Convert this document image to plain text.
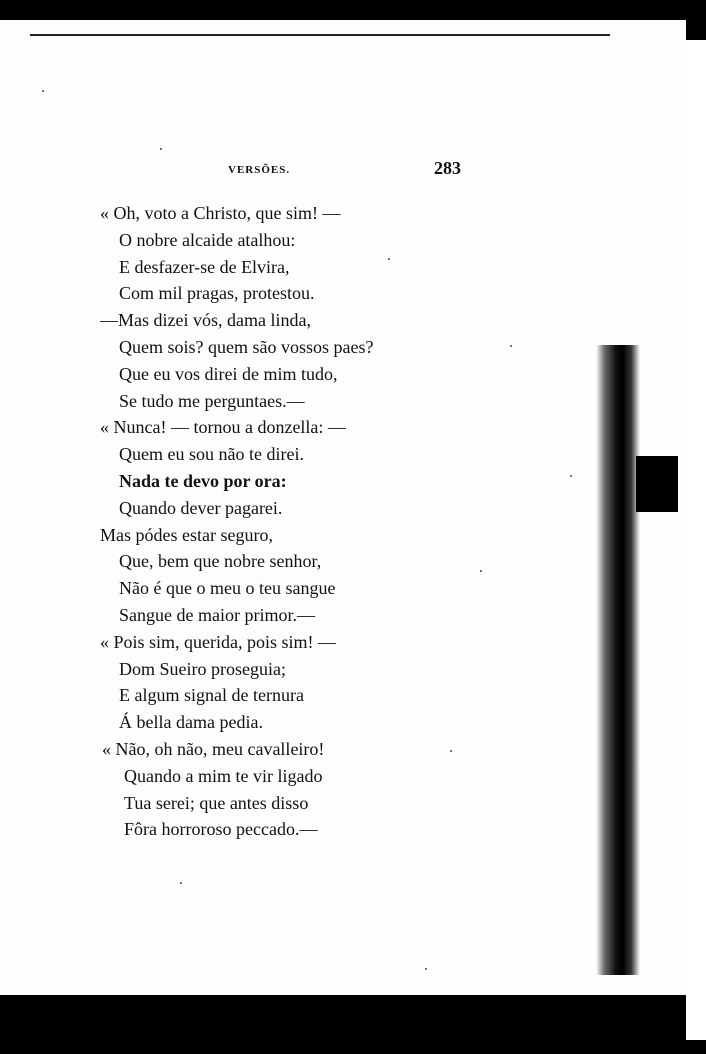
VERSÕES.	283
« Oh, voto a Christo, que sim! —
O nobre alcaide atalhou:
E desfazer-se de Elvira,
Com mil pragas, protestou.
—Mas dizei vós, dama linda,
Quem sois? quem são vossos paes?
Que eu vos direi de mim tudo,
Se tudo me perguntaes.—
« Nunca! — tornou a donzella: —
Quem eu sou não te direi.
Nada te devo por ora:
Quando dever pagarei.
Mas pódes estar seguro,
Que, bem que nobre senhor,
Não é que o meu o teu sangue
Sangue de maior primor.—
« Pois sim, querida, pois sim! —
Dom Sueiro proseguia;
E algum signal de ternura
Á bella dama pedia.
« Não, oh não, meu cavalleiro!
Quando a mim te vir ligado
Tua serei; que antes disso
Fôra horroroso peccado.—
